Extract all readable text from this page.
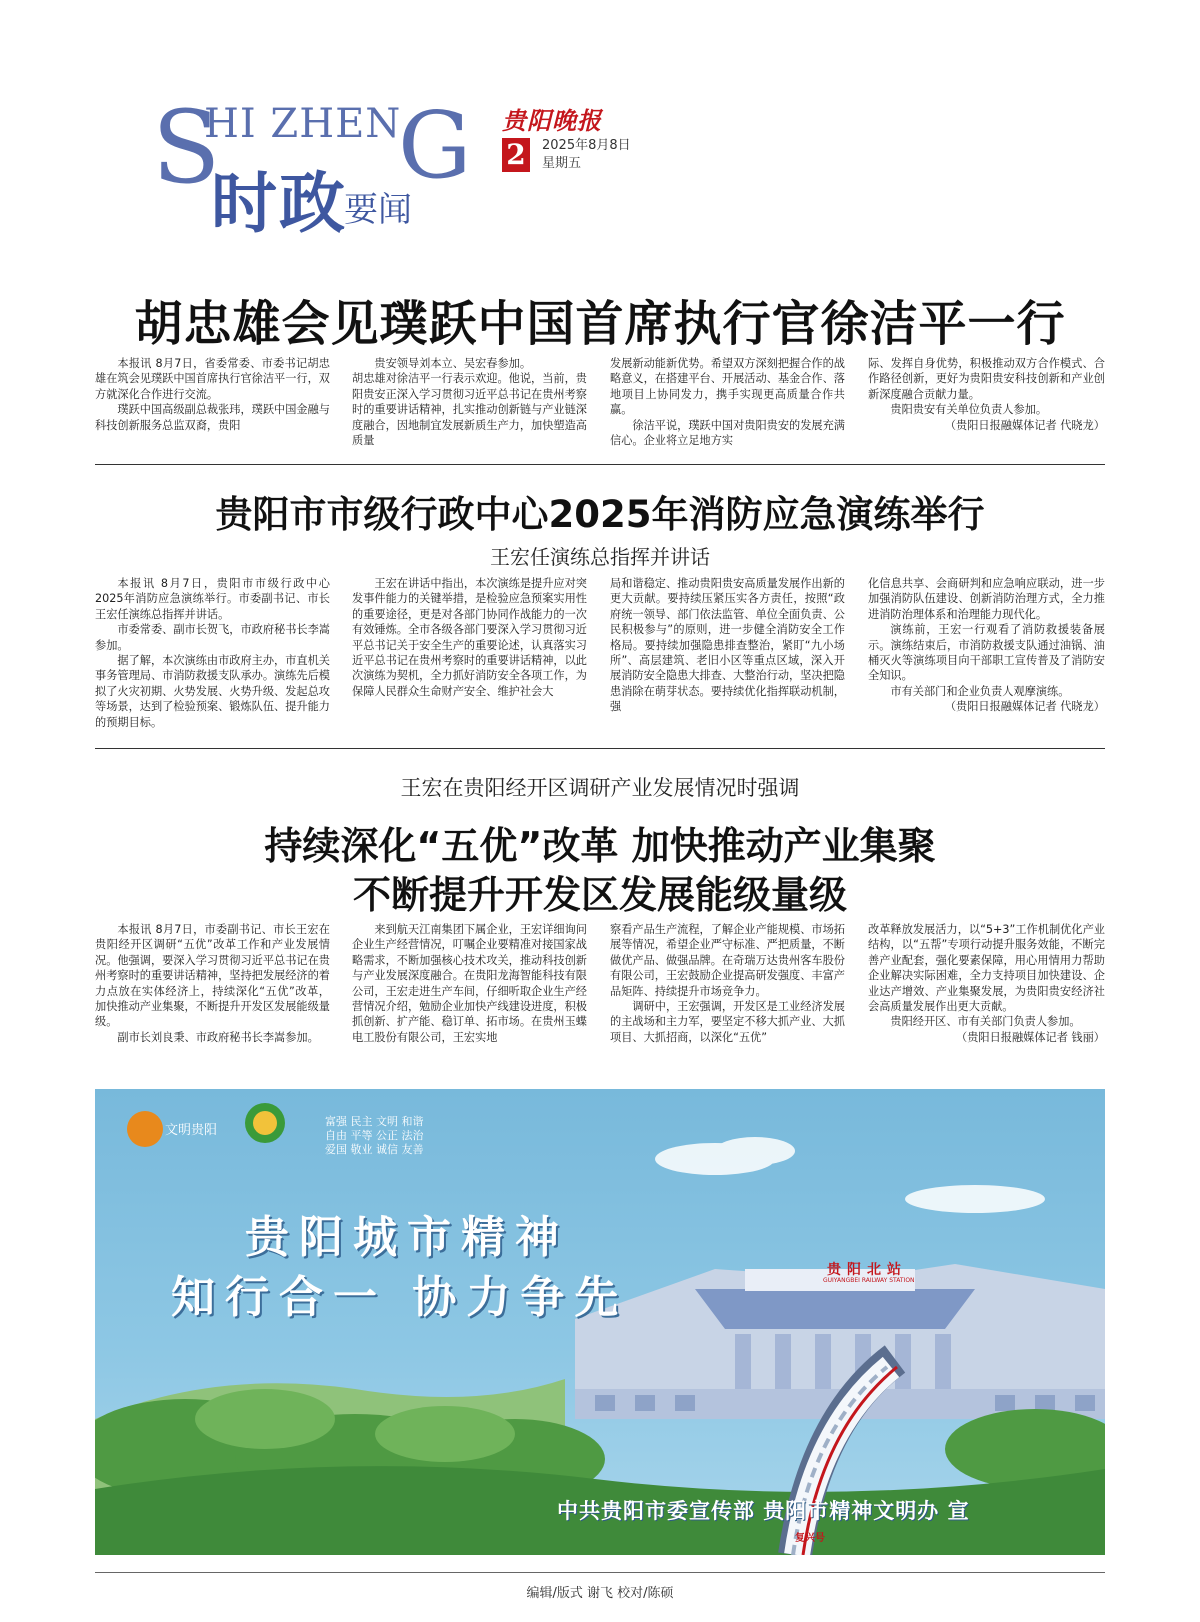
S
HI ZHEN
G
时政
要闻
贵阳晚报
2	2025年8月8日
星期五
胡忠雄会见璞跃中国首席执行官徐洁平一行

本报讯 8月7日，省委常委、市委书记胡忠雄在筑会见璞跃中国首席执行官徐洁平一行，双方就深化合作进行交流。

璞跃中国高级副总裁张玮，璞跃中国金融与科技创新服务总监双裔，贵阳

贵安领导刘本立、吴宏春参加。

胡忠雄对徐洁平一行表示欢迎。他说，当前，贵阳贵安正深入学习贯彻习近平总书记在贵州考察时的重要讲话精神，扎实推动创新链与产业链深度融合，因地制宜发展新质生产力，加快塑造高质量

发展新动能新优势。希望双方深刻把握合作的战略意义，在搭建平台、开展活动、基金合作、落地项目上协同发力，携手实现更高质量合作共赢。

徐洁平说，璞跃中国对贵阳贵安的发展充满信心。企业将立足地方实

际、发挥自身优势，积极推动双方合作模式、合作路径创新，更好为贵阳贵安科技创新和产业创新深度融合贡献力量。

贵阳贵安有关单位负责人参加。

（贵阳日报融媒体记者 代晓龙）

贵阳市市级行政中心2025年消防应急演练举行
王宏任演练总指挥并讲话

本报讯 8月7日，贵阳市市级行政中心2025年消防应急演练举行。市委副书记、市长王宏任演练总指挥并讲话。

市委常委、副市长贺飞，市政府秘书长李嵩参加。

据了解，本次演练由市政府主办，市直机关事务管理局、市消防救援支队承办。演练先后模拟了火灾初期、火势发展、火势升级、发起总攻等场景，达到了检验预案、锻炼队伍、提升能力的预期目标。

王宏在讲话中指出，本次演练是提升应对突发事件能力的关键举措，是检验应急预案实用性的重要途径，更是对各部门协同作战能力的一次有效锤炼。全市各级各部门要深入学习贯彻习近平总书记关于安全生产的重要论述，认真落实习近平总书记在贵州考察时的重要讲话精神，以此次演练为契机，全力抓好消防安全各项工作，为保障人民群众生命财产安全、维护社会大

局和谐稳定、推动贵阳贵安高质量发展作出新的更大贡献。要持续压紧压实各方责任，按照“政府统一领导、部门依法监管、单位全面负责、公民积极参与”的原则，进一步健全消防安全工作格局。要持续加强隐患排查整治，紧盯“九小场所”、高层建筑、老旧小区等重点区域，深入开展消防安全隐患大排查、大整治行动，坚决把隐患消除在萌芽状态。要持续优化指挥联动机制，强

化信息共享、会商研判和应急响应联动，进一步加强消防队伍建设、创新消防治理方式，全力推进消防治理体系和治理能力现代化。

演练前，王宏一行观看了消防救援装备展示。演练结束后，市消防救援支队通过油锅、油桶灭火等演练项目向干部职工宣传普及了消防安全知识。

市有关部门和企业负责人观摩演练。

（贵阳日报融媒体记者 代晓龙）

王宏在贵阳经开区调研产业发展情况时强调
持续深化“五优”改革 加快推动产业集聚
不断提升开发区发展能级量级

本报讯 8月7日，市委副书记、市长王宏在贵阳经开区调研“五优”改革工作和产业发展情况。他强调，要深入学习贯彻习近平总书记在贵州考察时的重要讲话精神，坚持把发展经济的着力点放在实体经济上，持续深化“五优”改革，加快推动产业集聚，不断提升开发区发展能级量级。

副市长刘良秉、市政府秘书长李嵩参加。

来到航天江南集团下属企业，王宏详细询问企业生产经营情况，叮嘱企业要精准对接国家战略需求，不断加强核心技术攻关，推动科技创新与产业发展深度融合。在贵阳龙海智能科技有限公司，王宏走进生产车间，仔细听取企业生产经营情况介绍，勉励企业加快产线建设进度，积极抓创新、扩产能、稳订单、拓市场。在贵州玉蝶电工股份有限公司，王宏实地

察看产品生产流程，了解企业产能规模、市场拓展等情况，希望企业严守标准、严把质量，不断做优产品、做强品牌。在奇瑞万达贵州客车股份有限公司，王宏鼓励企业提高研发强度、丰富产品矩阵、持续提升市场竞争力。

调研中，王宏强调，开发区是工业经济发展的主战场和主力军，要坚定不移大抓产业、大抓项目、大抓招商，以深化“五优”

改革释放发展活力，以“5+3”工作机制优化产业结构，以“五帮”专项行动提升服务效能，不断完善产业配套，强化要素保障，用心用情用力帮助企业解决实际困难，全力支持项目加快建设、企业达产增效、产业集聚发展，为贵阳贵安经济社会高质量发展作出更大贡献。

贵阳经开区、市有关部门负责人参加。

（贵阳日报融媒体记者 钱丽）

文明贵阳
富强 民主 文明 和谐
自由 平等 公正 法治
爱国 敬业 诚信 友善
贵阳城市精神
知行合一 协力争先
贵阳北站
GUIYANGBEI RAILWAY STATION
复兴号
中共贵阳市委宣传部 贵阳市精神文明办 宣
编辑/版式 谢飞 校对/陈硕
